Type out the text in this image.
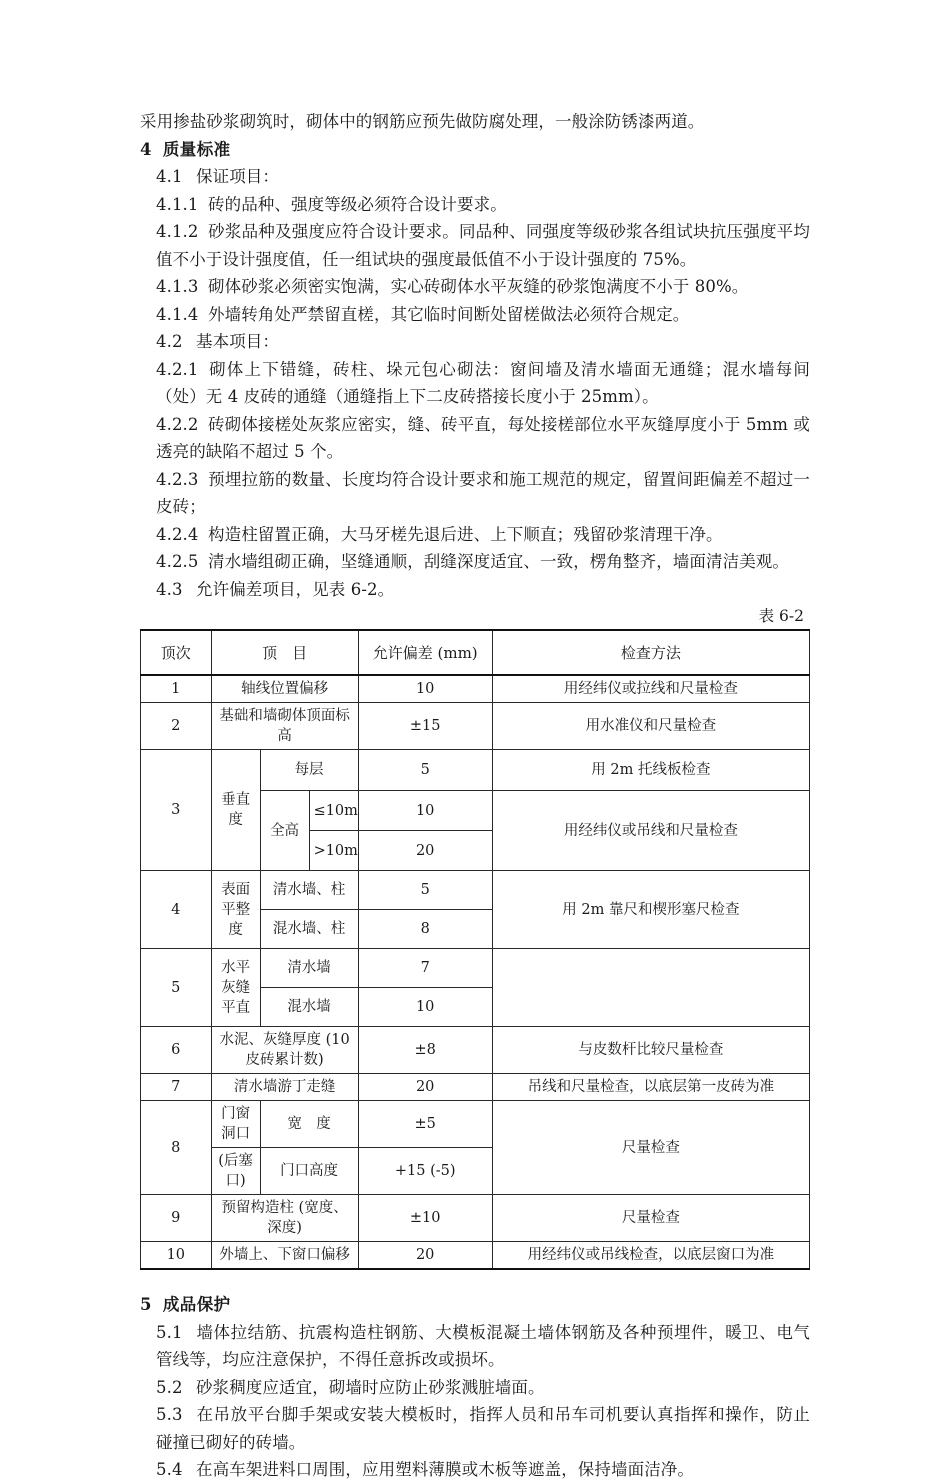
采用掺盐砂浆砌筑时，砌体中的钢筋应预先做防腐处理，一般涂防锈漆两道。

4 质量标准

4.1 保证项目：

4.1.1 砖的品种、强度等级必须符合设计要求。

4.1.2 砂浆品种及强度应符合设计要求。同品种、同强度等级砂浆各组试块抗压强度平均值不小于设计强度值，任一组试块的强度最低值不小于设计强度的 75%。

4.1.3 砌体砂浆必须密实饱满，实心砖砌体水平灰缝的砂浆饱满度不小于 80%。

4.1.4 外墙转角处严禁留直槎，其它临时间断处留槎做法必须符合规定。

4.2 基本项目：

4.2.1 砌体上下错缝，砖柱、垛元包心砌法：窗间墙及清水墙面无通缝；混水墙每间（处）无 4 皮砖的通缝（通缝指上下二皮砖搭接长度小于 25mm）。

4.2.2 砖砌体接槎处灰浆应密实，缝、砖平直，每处接槎部位水平灰缝厚度小于 5mm 或透亮的缺陷不超过 5 个。

4.2.3 预埋拉筋的数量、长度均符合设计要求和施工规范的规定，留置间距偏差不超过一皮砖；

4.2.4 构造柱留置正确，大马牙槎先退后进、上下顺直；残留砂浆清理干净。

4.2.5 清水墙组砌正确，坚缝通顺，刮缝深度适宜、一致，楞角整齐，墙面清洁美观。

4.3 允许偏差项目，见表 6-2。

表 6-2

顶次	顶　目			允许偏差 (mm)	检查方法
1	轴线位置偏移			10	用经纬仪或拉线和尺量检查
2	基础和墙砌体顶面标高			±15	用水准仪和尺量检查
3	垂直度	每层		5	用 2m 托线板检查
		全高	≤10m	10	用经纬仪或吊线和尺量检查
			>10m	20	
4	表面平整度	清水墙、柱		5	用 2m 靠尺和楔形塞尺检查
		混水墙、柱		8	
5	水平灰缝平直	清水墙		7	
		混水墙		10	
6	水泥、灰缝厚度 (10 皮砖累计数)			±8	与皮数杆比较尺量检查
7	清水墙游丁走缝			20	吊线和尺量检查，以底层第一皮砖为准
8	门窗洞口	宽　度		±5	尺量检查
	(后塞口)	门口高度		+15 (-5)	
9	预留构造柱 (宽度、深度)			±10	尺量检查
10	外墙上、下窗口偏移			20	用经纬仪或吊线检查，以底层窗口为准
5 成品保护

5.1 墙体拉结筋、抗震构造柱钢筋、大模板混凝土墙体钢筋及各种预埋件，暖卫、电气管线等，均应注意保护，不得任意拆改或损坏。

5.2 砂浆稠度应适宜，砌墙时应防止砂浆溅脏墙面。

5.3 在吊放平台脚手架或安装大模板时，指挥人员和吊车司机要认真指挥和操作，防止碰撞已砌好的砖墙。

5.4 在高车架进料口周围，应用塑料薄膜或木板等遮盖，保持墙面洁净。
